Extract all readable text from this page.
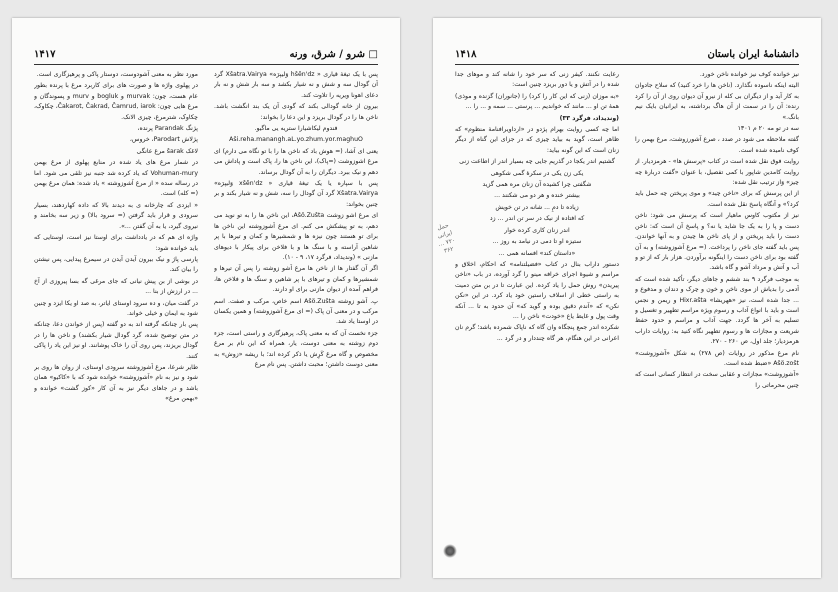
شرو / شرق، ورنه □
۱۴۱۷

پس با یک تیغهٔ قیاری « hšĕn'dz وَلیپرَه» Xšatra.Vairya گرد آن گودال سه و شش و نه شیار بکشد و سه بار شش و نه بار دعای اهونا ویریه را تلاوت کند.

بیرون از خانه گودالی بکند که گودی آن یک بند انگشت باشد. ناخن ها را در گودال بریزد و این دعا را بخواند:

فندوم لیکاشیارا ستریه یی ماگیو.

Aši.reha.manangh.aL.yo.zhum.yor.maghuO

یعنی ای اَشا، (= هوش باد که ناخن ها را با تو نگاه می دارم) ای مرغ اشوزوشت (=پاک)، این ناخن ها را، پاک است و پاداش می دهم و نیک ببرد. دیگران را به آن گودال برساند.

پس با سپاره یا یک تیغهٔ قیاری « xšĕn'dz وَلیپرَه» Xšatra.Vairya گرد آن گودال را سه، شش و نه شیار بکند و بر چنین بخواند:

ای مرغ اشو زوشت Ašö.Zušta، این ناخن ها را به تو نوید می دهم، به تو پیشکش می کنم. ای مرغ اَشوزوشته این ناخن ها برای تو هستند چون نیزه ها و شمشیرها و کمان و تیرها با پر شاهین آراسته و با سنگ ها و با فلاخن برای پیکار با دیوهای مازنی » (وندیداد، فرگرد ۱۷، ۹ - ۱۰).

اگر آن گفتار ها از ناخن ها مرغ اَشو زوشته را پس آن تیرها و شمشیرها و کمان و تیرهای با پر شاهین و سنگ ها و فلاخن ها، فراهم آمده از دیوان مازنی برای او دارند.

پ. اَشو زوشته Ašö.Zušta اسم خاص، مرکب و صفت. اسم مرکب و در معنی آن پاک (= ای مرغ آشوزوشته) و همین یکسان در اوستا یاد شد.

جزء نخست آن که به معنی پاک، پرهیزگاری و راستی است، جزء دوم زوشته به معنی دوست، یار، همراه که این نام بر مرغ مخصوص و گاه مرغ کَرِش یا ذکر کرده اند؛ با ریشه «زوش» به معنی دوست داشتن؛ محبت داشتن. پس نام مرغ

مورد نظر به معنی آشودوست، دوستار پاکی و پرهیزگاری است.

در پهلوی واژه ها و صورت های برای کاربرد مرغ با پرنده بطور عام هست، چون: murvak و bogluk و murv و پسوندگان و مرغ هایی چون: Čakarot, Čakrad, Čamrud, iarok، چکاوک، چکاوک، شترمرغ، چیزی الانک.

پژنگ Parandak پرنده،

پژلاش Parodart، خروس،

لاغک šarak مرغ عانگی

در شمار مرغ های یاد شده در منابع پهلوی از مرغ بهمن Vohuman-mury که یاد کرده شد جنبه نیز تلقی می شود. اما در رساله سده « از مرغ اَشوزوشته » یاد شده: همان مرغ بهمن (= کله) است.

« ایزدی که چارخانه ی به دیدند بالا که داده کهاردهند، بسیار سرودی و قرار باید گرفتن (= سرود بالا) و زیر سه بخامند و نیروی گیرد، یا به آن گفتن ...».

واژه ای هم که در یادداشت برای اوستا نیز است، اوستایی که باید خوانده شود:

پارسی پاژ و نیک بیرون آیدن آیدن در سیمرغ پیدایی، پس نیشتن را بیان کند.

در بوشی از بن پیش نیانی که جای مرغی گه بسا پیروزی از آخ ... در ارزش از بنا ...

در گفت میان، و ده سرود اوستای ایاتر، به صد او یکا ایزد و چنین شود به ایمان و خیلی خواند.

پس بار چنانکه گرفته اند به دو گفته (پس از خواندن دعا، چنانکه در متن توضیح شده، گرد گودال شیار بکشند) و ناخن ها را در گودال بریزند، پس روی آن را خاک پوشانند. او نیز این یاد را پاکی کنند.

طایر شرعا، مرغ اَشوزوشته سرودی اوستای، از روان ها روی بر شود و نیز به نام «اَشوزوشته» خوانده شود که با «کاکیو» همان باشد و در جاهای دیگر نیز به آن کار «کوز گشت» خوانده و «بهمن مرغ»

دانشنامهٔ ایران باستان
۱۴۱۸

نیز خوانده کوف نیز خوانده ناخن خورد.

الیته اینکه ناسوده نگذارد. (ناخن ها را خرد کنید) که سلاح جادوان به کار آید و از دیگران بی کله از نیرو آن دیوان روی از آن را کرد رنده: آن را در سمت از آن هاگ برداشته، به ایرانیان بایک نیم بانگ.»

سه در تو مه ۲۰ م ۱۳۰۱

گفته ملاحظه می شود در صدد ، صرع آشورزوشت، مرغ بهمن را کوف نامیده شده است.

روایت فوق نقل شده است در کتاب «پرسش ها» - هرمزدیار. از روایت کامدین شاپور با کمی تفصیل، با عنوان «گفت دربارهٔ چه چیز» وَاز ترتیب نقل شده:

از این پرسش که برای «ناخن چید» و موی پریختن چه حمل باید کرد؟» و آنگاه پاسخ نقل شده است.

نیز از مکتوب کاوس ماهیار است که پرسش می شود: ناخن دست و پا را به یک جا شاید یا نه؟ و پاسخ آن است که: ناخن دست را باید پریختن و از پای ناخن ها چیدن و به آنها خواندن. پس باید گفته جای ناخن را پرداخت. (= مرغ اَشوزوشته) و به آن گفته بود برای ناخن دست را اینگونه برآوردن. هزار بار که از تو و آب و آتش و مرداد آشو و گاه باشد.

به موجب فرگرد ۹ بند ششم و جاهای دیگر، تأکید شده است که آدمی را بدیاش از موی ناخن و خون و چرک و دندان و مدفوع و ... جدا شده است، نیز «ههریشا» Hixr.ašta و ریمن و نجس است و باید با انواع آداب و رسوم ویژه مراسم تطهیر و تغسیل و تسلیم به آخر ها گردد. جهت آداب و مراسم و حدود حفظ شریعت و مجازات ها و رسوم تطهیر نگاه کنید به: روایات داراب هرمزدیار؛ جلد اول، ص ۲۶۰ - ۲۷۰.

نام مرغ مذکور در روایات (ص ۲۷۸) به شکل «آشوزوشت» Ašö.zošt «ضبط شده است.

«اَشوزوشت» مجازات و عقابی سخت در انتظار کسانی است که چنین محرماتی را

رعایت نکنند. کیفر زنی که سر خود را شانه کند و موهای جدا شده را در آتش و یا دور بریزد چنین است:

«به موزان (زنی که این کار را کرد) را (جانوران) گزنده و موذی) همهٔ تن او ... مانند که خواندیم ... پرستی ... سمه و ... را ...

(وندیداد، فرگرد ۳۳)

اما چه کسی روایت بهرام پژدو در «ارداویرافنامهٔ منظوم» که ظاهر است، گوید به بیاید چیزی که در جزای این گناه از دیگر زنان است که این گونه بیاید:

گشتیم اندر یکجا در گذریم جایی چه بسیار اندر از اطاعت زنی

یکی زن یکی در سکرهٔ گمی شکوهی

شگفتی چرا کشیده آن زنان مره همی گزید

بیشتر خنده و هر دو می شکنند ...

زیاده تا دمِ ... شانه در تن خویش

که افتاده از نیک در سر تن اندر ... زد

اندر زنان کاری کرده خوار

ستیزه او تا دمی در نیامد به روز ...

«داستان کند» افسانه همی ...

دستور داراب بنال در کتاب «فضیلتنامه» که احکام، اخلاق و مراسم و شیوهٔ اجرای خرافه مینو را گرد آورده، در باب «ناخن پیریدن» روش حمل را یاد کرده. این عبارت تا در بن متن دمیت به راستی خطی از اسلاف راستین خود یاد کرد. در این «نکن نکن» که «آندم دقیق بوده و گوید که» آن حدود به تا ... آنکه وقت پول و غایط یاع «خودت» ناخن را ...

شکرده اندر جمع پنجگاه وان گاه که ناپاک شمرده باشد؛ گرم نان اعرانی در این هنگام، هر گاه چنددار و در گرد ...

حمل ایرانی ۷۲۰ ...
۳۶۲
